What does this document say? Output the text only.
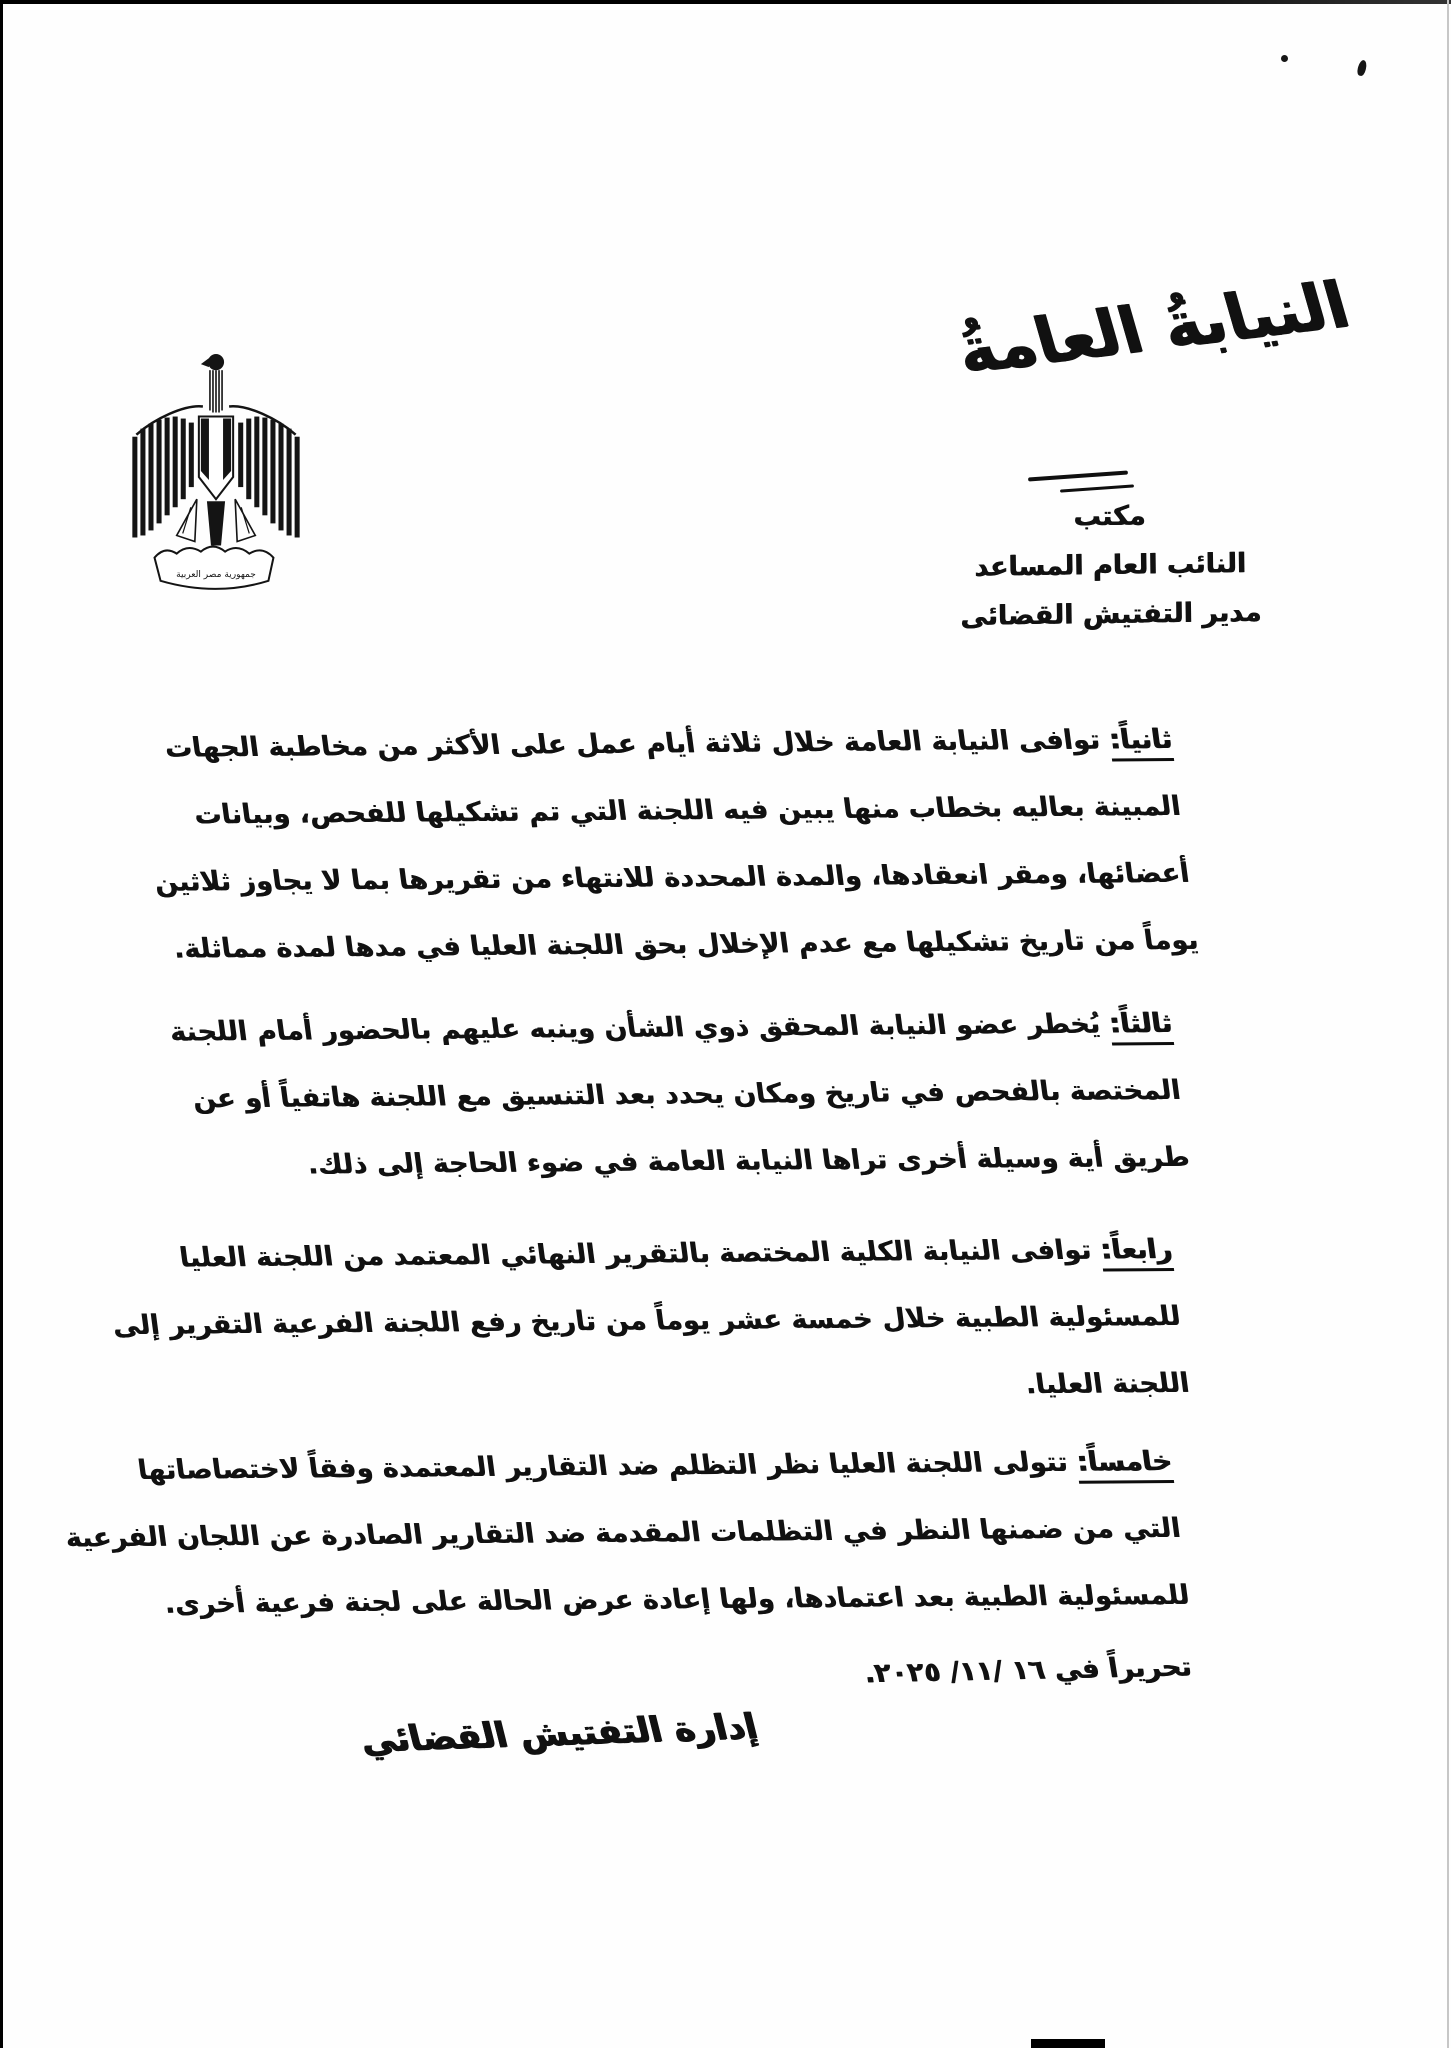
جمهورية مصر العربية
النيابةُ العامةُ
مكتب
النائب العام المساعد
مدير التفتيش القضائى
ثانياً: توافى النيابة العامة خلال ثلاثة أيام عمل على الأكثر من مخاطبة الجهات
المبينة بعاليه بخطاب منها يبين فيه اللجنة التي تم تشكيلها للفحص، وبيانات
أعضائها، ومقر انعقادها، والمدة المحددة للانتهاء من تقريرها بما لا يجاوز ثلاثين
يوماً من تاريخ تشكيلها مع عدم الإخلال بحق اللجنة العليا في مدها لمدة مماثلة.
ثالثاً: يُخطر عضو النيابة المحقق ذوي الشأن وينبه عليهم بالحضور أمام اللجنة
المختصة بالفحص في تاريخ ومكان يحدد بعد التنسيق مع اللجنة هاتفياً أو عن
طريق أية وسيلة أخرى تراها النيابة العامة في ضوء الحاجة إلى ذلك.
رابعاً: توافى النيابة الكلية المختصة بالتقرير النهائي المعتمد من اللجنة العليا
للمسئولية الطبية خلال خمسة عشر يوماً من تاريخ رفع اللجنة الفرعية التقرير إلى
اللجنة العليا.
خامساً: تتولى اللجنة العليا نظر التظلم ضد التقارير المعتمدة وفقاً لاختصاصاتها
التي من ضمنها النظر في التظلمات المقدمة ضد التقارير الصادرة عن اللجان الفرعية
للمسئولية الطبية بعد اعتمادها، ولها إعادة عرض الحالة على لجنة فرعية أخرى.
تحريراً في ١٦ /١١/ ٢٠٢٥.
إدارة التفتيش القضائي
